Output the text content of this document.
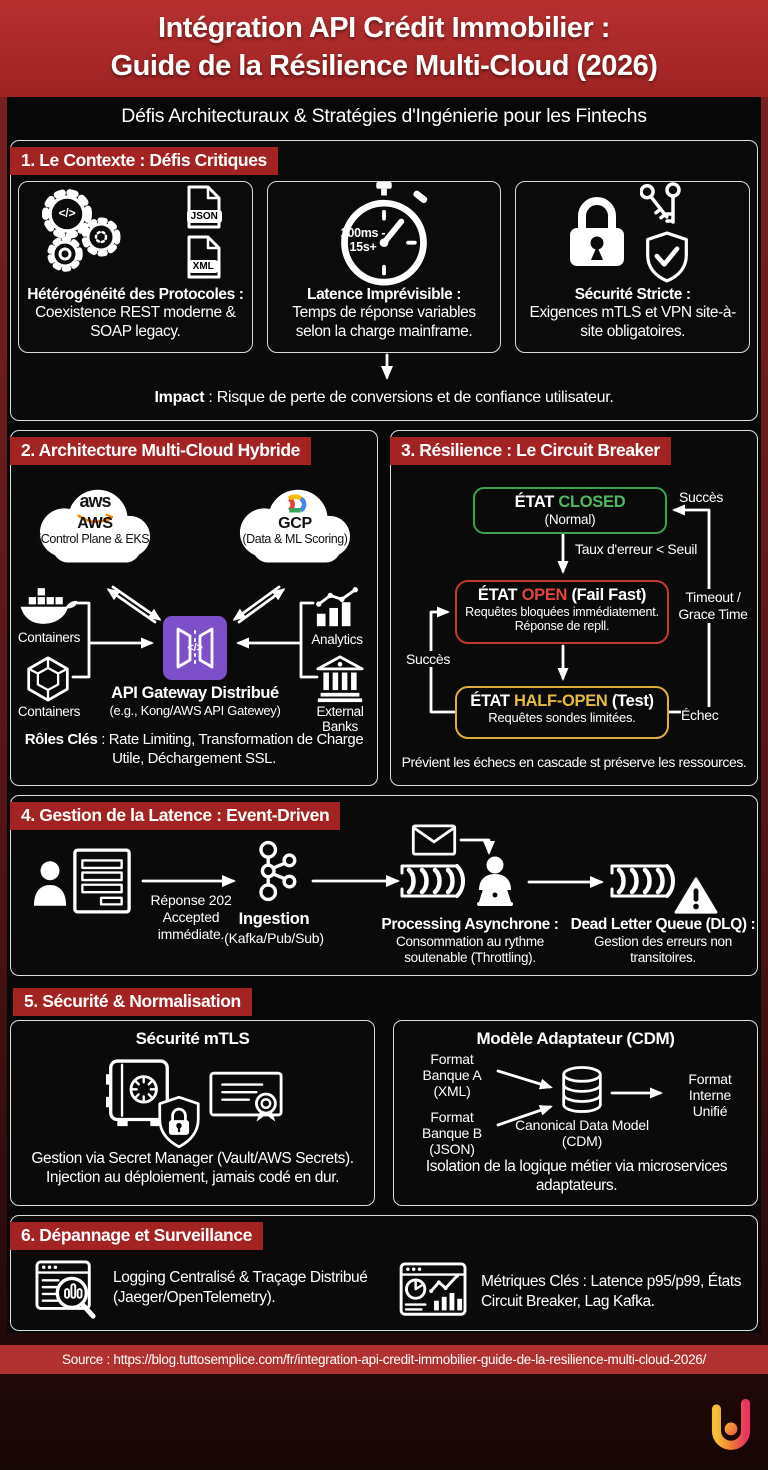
Intégration API Crédit Immobilier :
Guide de la Résilience Multi-Cloud (2026)
Défis Architecturaux & Stratégies d'Ingénierie pour les Fintechs
1. Le Contexte : Défis Critiques
</>	JSON
XML
Hétérogénéité des Protocoles :
Coexistence REST moderne & SOAP legacy.
200ms - 15s+
Latence Imprévisible :
Temps de réponse variables selon la charge mainframe.
Sécurité Stricte :
Exigences mTLS et VPN site-à-site obligatoires.
Impact : Risque de perte de conversions et de confiance utilisateur.
2. Architecture Multi-Cloud Hybride
aws

AWS
(Control Plane & EKS)
GCP
(Data & ML Scoring)
Containers
Containers
</>
Analytics
External Banks
API Gateway Distribué
(e.g., Kong/AWS API Gatewey)
Rôles Clés : Rate Limiting, Transformation de Charge Utile, Déchargement SSL.
3. Résilience : Le Circuit Breaker
ÉTAT CLOSED
(Normal)
Taux d'erreur < Seuil
Succès
ÉTAT OPEN (Fail Fast)
Requêtes bloquées immédiatement. Réponse de repll.
Timeout / Grace Time
Succès
ÉTAT HALF-OPEN (Test)
Requêtes sondes limitées.	Échec
Prévient les échecs en cascade st préserve les ressources.
4. Gestion de la Latence : Event-Driven
Réponse 202 Accepted immédiate.
Ingestion
(Kafka/Pub/Sub)
Processing Asynchrone :
Consommation au rythme soutenable (Throttling).
Dead Letter Queue (DLQ) :
Gestion des erreurs non transitoires.
5. Sécurité & Normalisation
Sécurité mTLS
Gestion via Secret Manager (Vault/AWS Secrets). Injection au déploiement, jamais codé en dur.
Modèle Adaptateur (CDM)
Format Banque A (XML)
Format Banque B (JSON)
Canonical Data Model (CDM)
Format Interne Unifié
Isolation de la logique métier via microservices adaptateurs.
6. Dépannage et Surveillance
Logging Centralisé & Traçage Distribué (Jaeger/OpenTelemetry).
Métriques Clés : Latence p95/p99, États Circuit Breaker, Lag Kafka.
Source : https://blog.tuttosemplice.com/fr/integration-api-credit-immobilier-guide-de-la-resilience-multi-cloud-2026/
